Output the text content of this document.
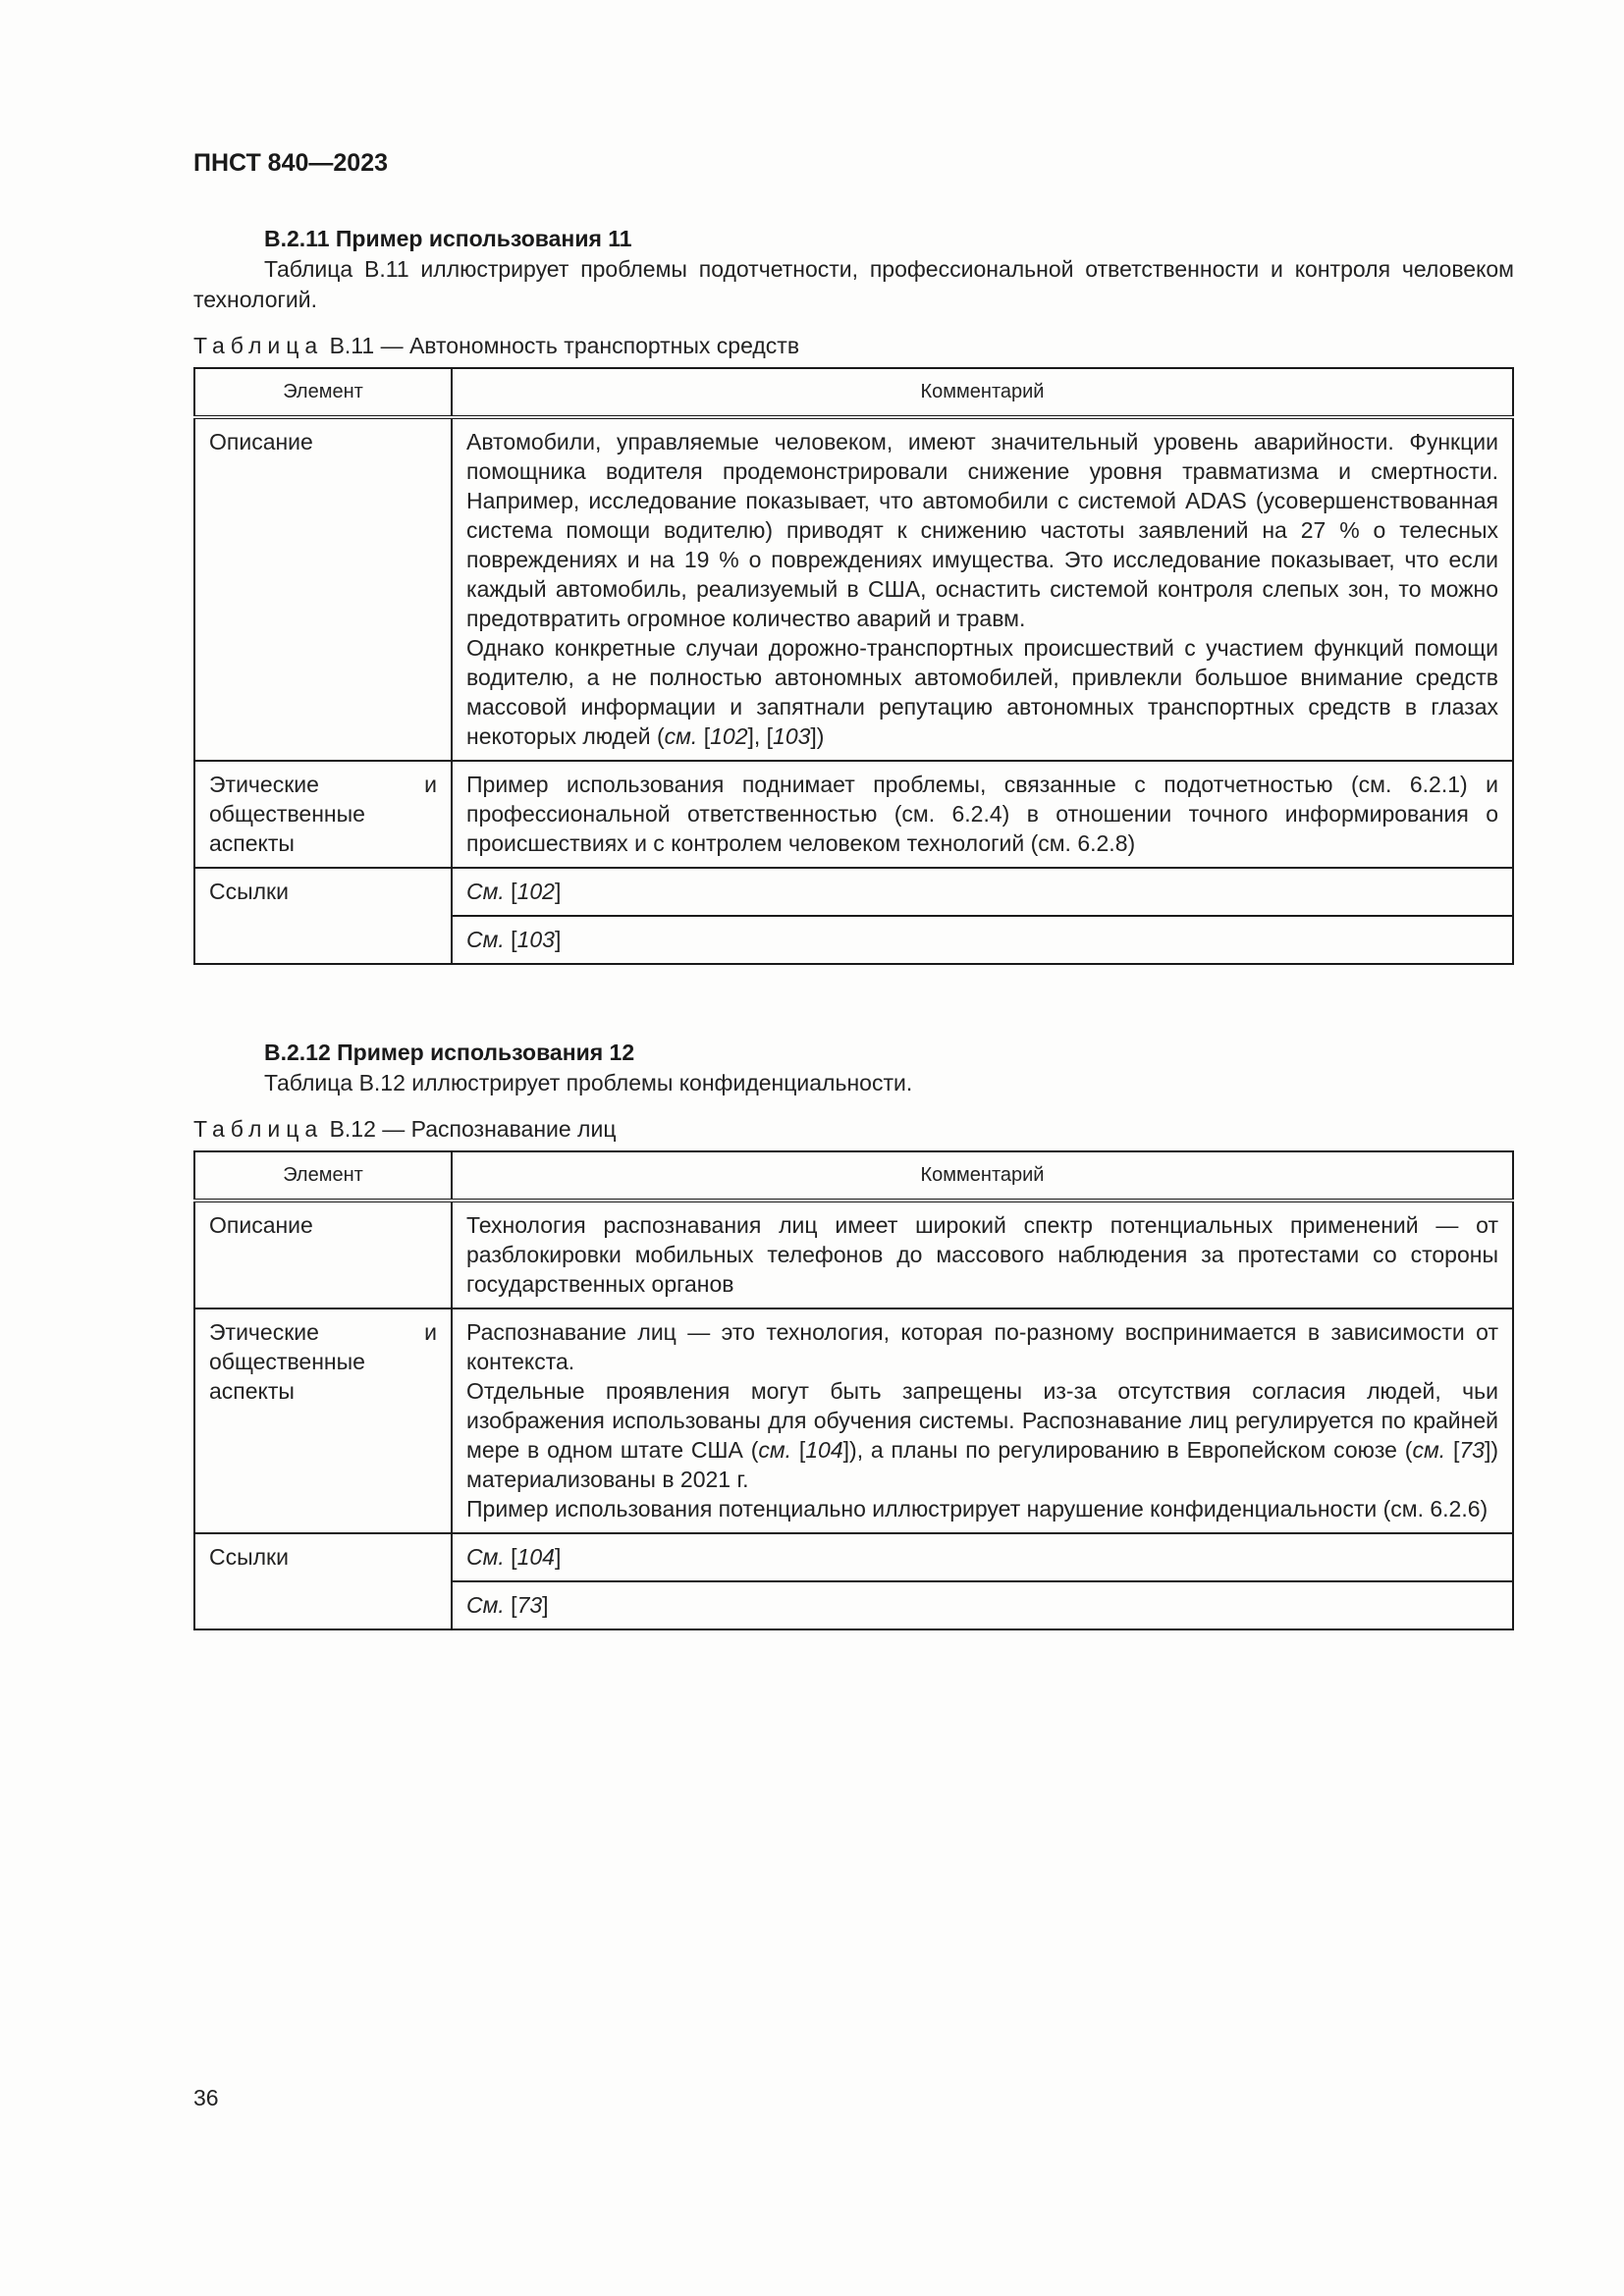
ПНСТ 840—2023
В.2.11 Пример использования 11

Таблица В.11 иллюстрирует проблемы подотчетности, профессиональной ответственности и контроля человеком технологий.

Таблица В.11 — Автономность транспортных средств
Элемент	Комментарий
Описание	Автомобили, управляемые человеком, имеют значительный уровень аварийности. Функции помощника водителя продемонстрировали снижение уровня травматизма и смертности. Например, исследование показывает, что автомобили с системой ADAS (усовершенствованная система помощи водителю) приводят к снижению частоты заявлений на 27 % о телесных повреждениях и на 19 % о повреждениях имущества. Это исследование показывает, что если каждый автомобиль, реализуемый в США, оснастить системой контроля слепых зон, то можно предотвратить огромное количество аварий и травм.
Однако конкретные случаи дорожно-транспортных происшествий с участием функций помощи водителю, а не полностью автономных автомобилей, привлекли большое внимание средств массовой информации и запятнали репутацию автономных транспортных средств в глазах некоторых людей (см. [102], [103])

Этические и общественные аспекты	Пример использования поднимает проблемы, связанные с подотчетностью (см. 6.2.1) и профессиональной ответственностью (см. 6.2.4) в отношении точного информирования о происшествиях и с контролем человеком технологий (см. 6.2.8)
Ссылки	См. [102]
	См. [103]
В.2.12 Пример использования 12

Таблица В.12 иллюстрирует проблемы конфиденциальности.

Таблица В.12 — Распознавание лиц
Элемент	Комментарий
Описание	Технология распознавания лиц имеет широкий спектр потенциальных применений — от разблокировки мобильных телефонов до массового наблюдения за протестами со стороны государственных органов
Этические и общественные аспекты	Распознавание лиц — это технология, которая по-разному воспринимается в зависимости от контекста.
Отдельные проявления могут быть запрещены из-за отсутствия согласия людей, чьи изображения использованы для обучения системы. Распознавание лиц регулируется по крайней мере в одном штате США (см. [104]), а планы по регулированию в Европейском союзе (см. [73]) материализованы в 2021 г.
Пример использования потенциально иллюстрирует нарушение конфиденциальности (см. 6.2.6)

Ссылки	См. [104]
	См. [73]
36
